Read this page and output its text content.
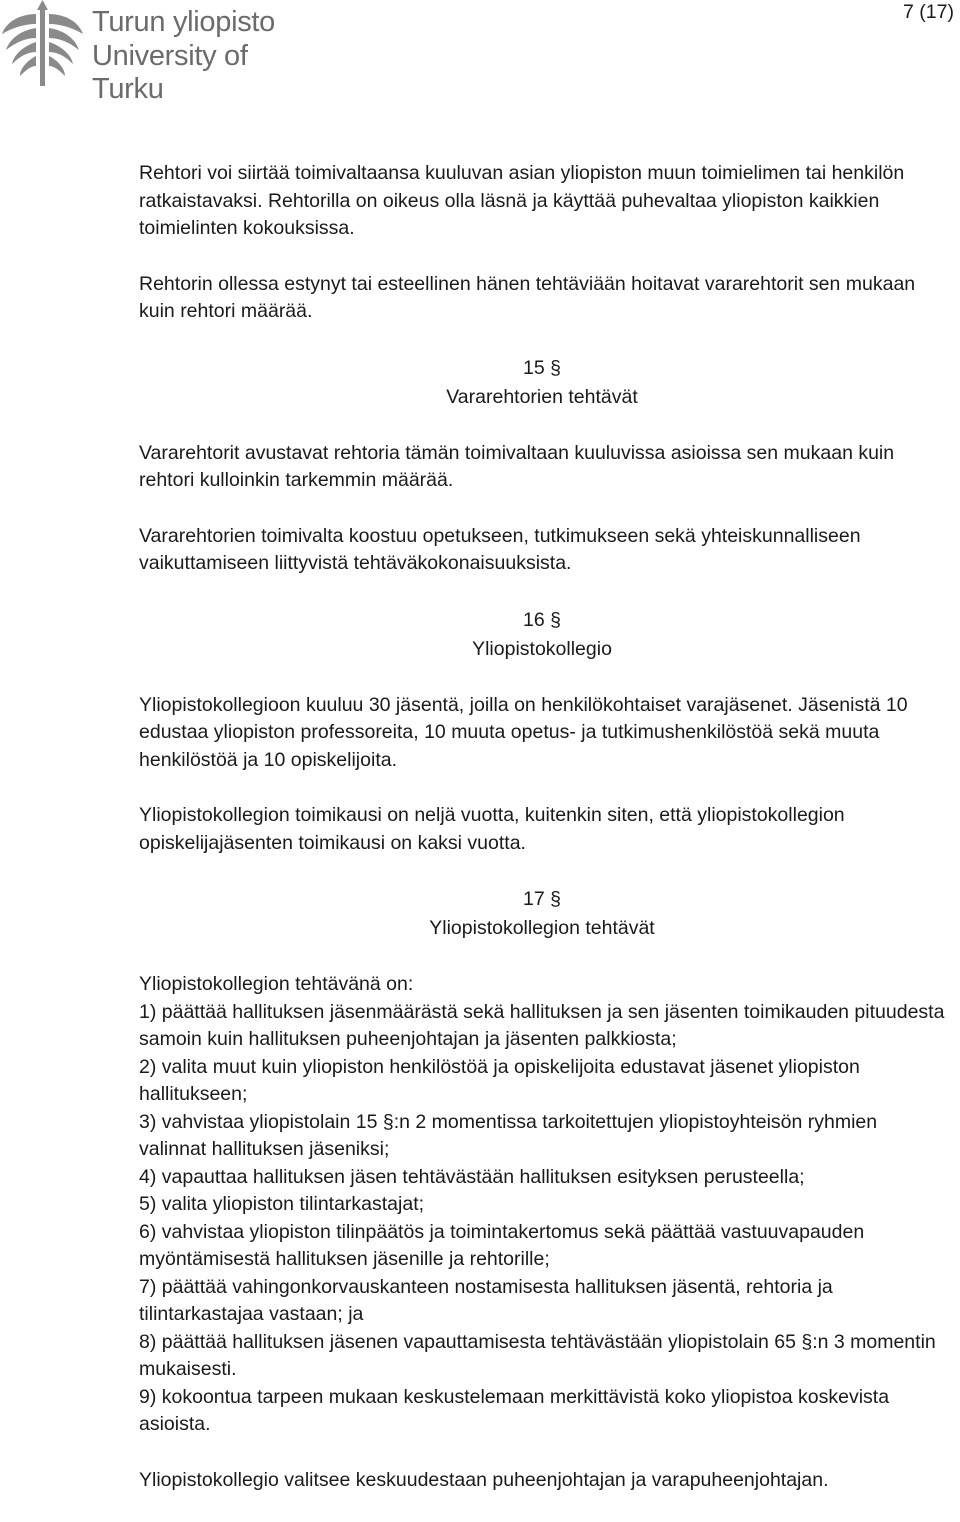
Turun yliopisto
University of Turku
7 (17)

Rehtori voi siirtää toimivaltaansa kuuluvan asian yliopiston muun toimielimen tai henkilön ratkaistavaksi. Rehtorilla on oikeus olla läsnä ja käyttää puhevaltaa yliopiston kaikkien toimielinten kokouksissa.

Rehtorin ollessa estynyt tai esteellinen hänen tehtäviään hoitavat vararehtorit sen mukaan kuin rehtori määrää.

15 §
Vararehtorien tehtävät

Vararehtorit avustavat rehtoria tämän toimivaltaan kuuluvissa asioissa sen mukaan kuin rehtori kulloinkin tarkemmin määrää.

Vararehtorien toimivalta koostuu opetukseen, tutkimukseen sekä yhteiskunnalliseen vaikuttamiseen liittyvistä tehtäväkokonaisuuksista.

16 §
Yliopistokollegio

Yliopistokollegioon kuuluu 30 jäsentä, joilla on henkilökohtaiset varajäsenet. Jäsenistä 10 edustaa yliopiston professoreita, 10 muuta opetus- ja tutkimushenkilöstöä sekä muuta henkilöstöä ja 10 opiskelijoita.

Yliopistokollegion toimikausi on neljä vuotta, kuitenkin siten, että yliopistokollegion opiskelijajäsenten toimikausi on kaksi vuotta.

17 §
Yliopistokollegion tehtävät

Yliopistokollegion tehtävänä on:

1) päättää hallituksen jäsenmäärästä sekä hallituksen ja sen jäsenten toimikauden pituudesta samoin kuin hallituksen puheenjohtajan ja jäsenten palkkiosta;
2) valita muut kuin yliopiston henkilöstöä ja opiskelijoita edustavat jäsenet yliopiston hallitukseen;
3) vahvistaa yliopistolain 15 §:n 2 momentissa tarkoitettujen yliopistoyhteisön ryhmien valinnat hallituksen jäseniksi;
4) vapauttaa hallituksen jäsen tehtävästään hallituksen esityksen perusteella;
5) valita yliopiston tilintarkastajat;
6) vahvistaa yliopiston tilinpäätös ja toimintakertomus sekä päättää vastuuvapauden myöntämisestä hallituksen jäsenille ja rehtorille;
7) päättää vahingonkorvauskanteen nostamisesta hallituksen jäsentä, rehtoria ja tilintarkastajaa vastaan; ja
8) päättää hallituksen jäsenen vapauttamisesta tehtävästään yliopistolain 65 §:n 3 momentin mukaisesti.
9) kokoontua tarpeen mukaan keskustelemaan merkittävistä koko yliopistoa koskevista asioista.

Yliopistokollegio valitsee keskuudestaan puheenjohtajan ja varapuheenjohtajan.
